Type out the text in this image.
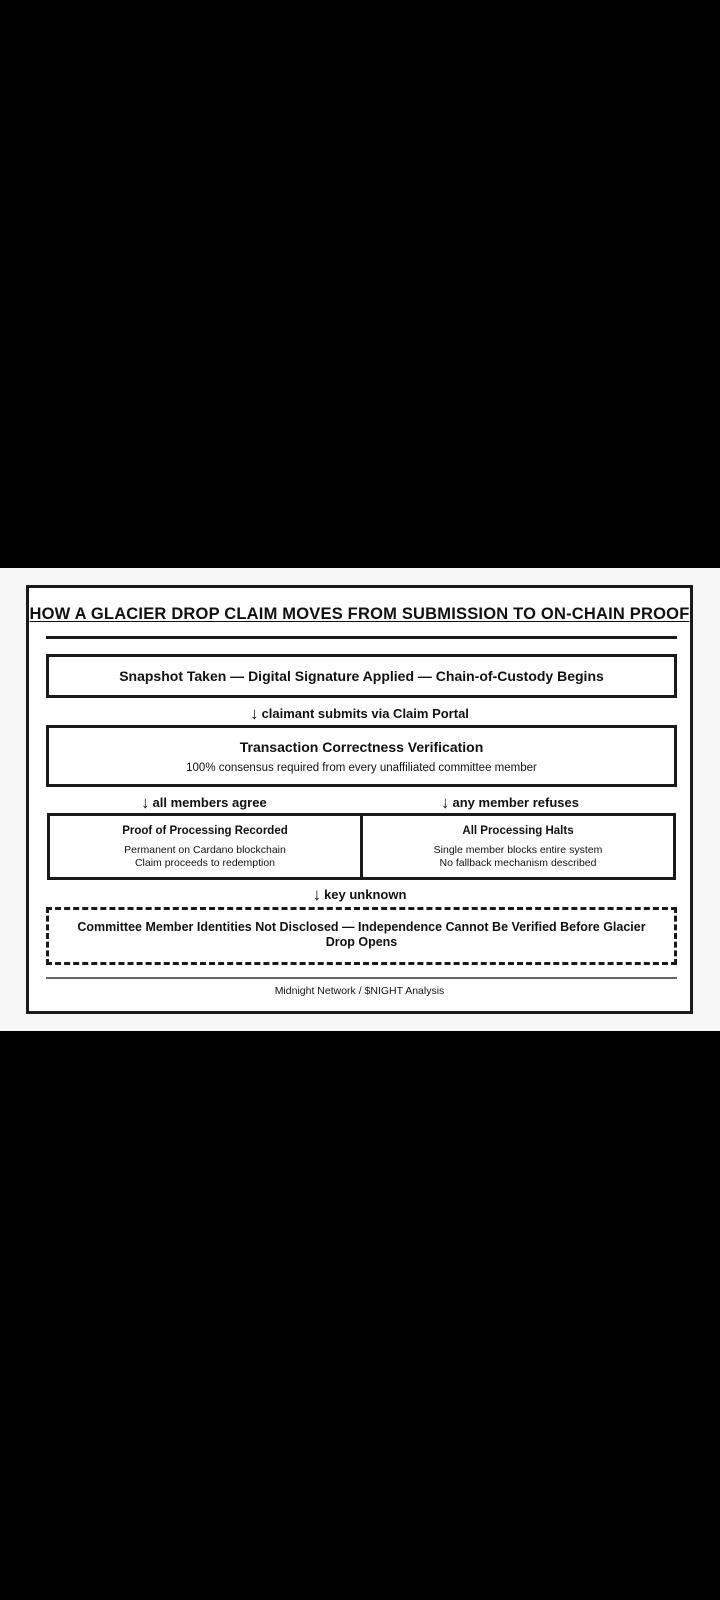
HOW A GLACIER DROP CLAIM MOVES FROM SUBMISSION TO ON-CHAIN PROOF
Snapshot Taken — Digital Signature Applied — Chain-of-Custody Begins
↓ claimant submits via Claim Portal
Transaction Correctness Verification
100% consensus required from every unaffiliated committee member
↓ all members agree	↓ any member refuses
Proof of Processing Recorded
Permanent on Cardano blockchain
Claim proceeds to redemption
All Processing Halts
Single member blocks entire system
No fallback mechanism described
↓ key unknown
Committee Member Identities Not Disclosed — Independence Cannot Be Verified Before Glacier Drop Opens
Midnight Network / $NIGHT Analysis
